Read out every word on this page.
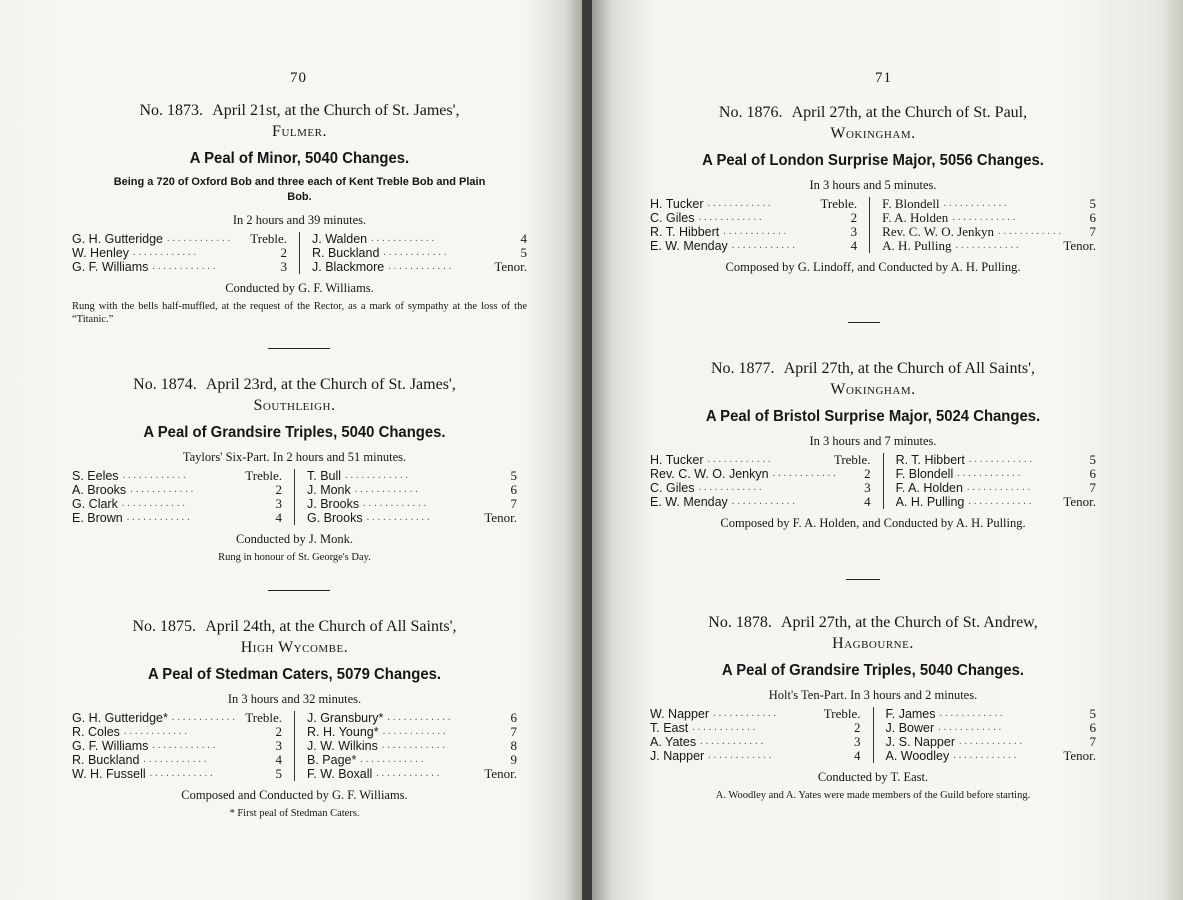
70
No. 1873. April 21st, at the Church of St. James',
Fulmer.
A Peal of Minor, 5040 Changes.
Being a 720 of Oxford Bob and three each of Kent Treble Bob and Plain Bob.
In 2 hours and 39 minutes.
G. H. Gutteridge ............	Treble.
W. Henley ............	2
G. F. Williams ............	3
J. Walden ............	4
R. Buckland ............	5
J. Blackmore ............	Tenor.
Conducted by G. F. Williams.
Rung with the bells half-muffled, at the request of the Rector, as a mark of sympathy at the loss of the “Titanic.”
No. 1874. April 23rd, at the Church of St. James',
Southleigh.
A Peal of Grandsire Triples, 5040 Changes.
Taylors' Six-Part. In 2 hours and 51 minutes.
S. Eeles ............	Treble.
A. Brooks ............	2
G. Clark ............	3
E. Brown ............	4
T. Bull ............	5
J. Monk ............	6
J. Brooks ............	7
G. Brooks ............	Tenor.
Conducted by J. Monk.
Rung in honour of St. George's Day.
No. 1875. April 24th, at the Church of All Saints',
High Wycombe.
A Peal of Stedman Caters, 5079 Changes.
In 3 hours and 32 minutes.
G. H. Gutteridge* ............ Treble.
R. Coles ............	2
G. F. Williams ............	3
R. Buckland ............	4
W. H. Fussell ............	5
J. Gransbury* ............	6
R. H. Young* ............	7
J. W. Wilkins ............	8
B. Page* ............	9
F. W. Boxall ............	Tenor.
Composed and Conducted by G. F. Williams.
* First peal of Stedman Caters.
71
No. 1876. April 27th, at the Church of St. Paul,
Wokingham.
A Peal of London Surprise Major, 5056 Changes.
In 3 hours and 5 minutes.
H. Tucker ............	Treble.
C. Giles ............	2
R. T. Hibbert ............	3
E. W. Menday ............	4
F. Blondell ............	5
F. A. Holden ............	6
Rev. C. W. O. Jenkyn ............	7
A. H. Pulling ............	Tenor.
Composed by G. Lindoff, and Conducted by A. H. Pulling.
No. 1877. April 27th, at the Church of All Saints',
Wokingham.
A Peal of Bristol Surprise Major, 5024 Changes.
In 3 hours and 7 minutes.
H. Tucker ............	Treble.
Rev. C. W. O. Jenkyn ............	2
C. Giles ............	3
E. W. Menday ............	4
R. T. Hibbert ............	5
F. Blondell ............	6
F. A. Holden ............	7
A. H. Pulling ............	Tenor.
Composed by F. A. Holden, and Conducted by A. H. Pulling.
No. 1878. April 27th, at the Church of St. Andrew,
Hagbourne.
A Peal of Grandsire Triples, 5040 Changes.
Holt's Ten-Part. In 3 hours and 2 minutes.
W. Napper ............	Treble.
T. East ............	2
A. Yates ............	3
J. Napper ............	4
F. James ............	5
J. Bower ............	6
J. S. Napper ............	7
A. Woodley ............	Tenor.
Conducted by T. East.
A. Woodley and A. Yates were made members of the Guild before starting.
